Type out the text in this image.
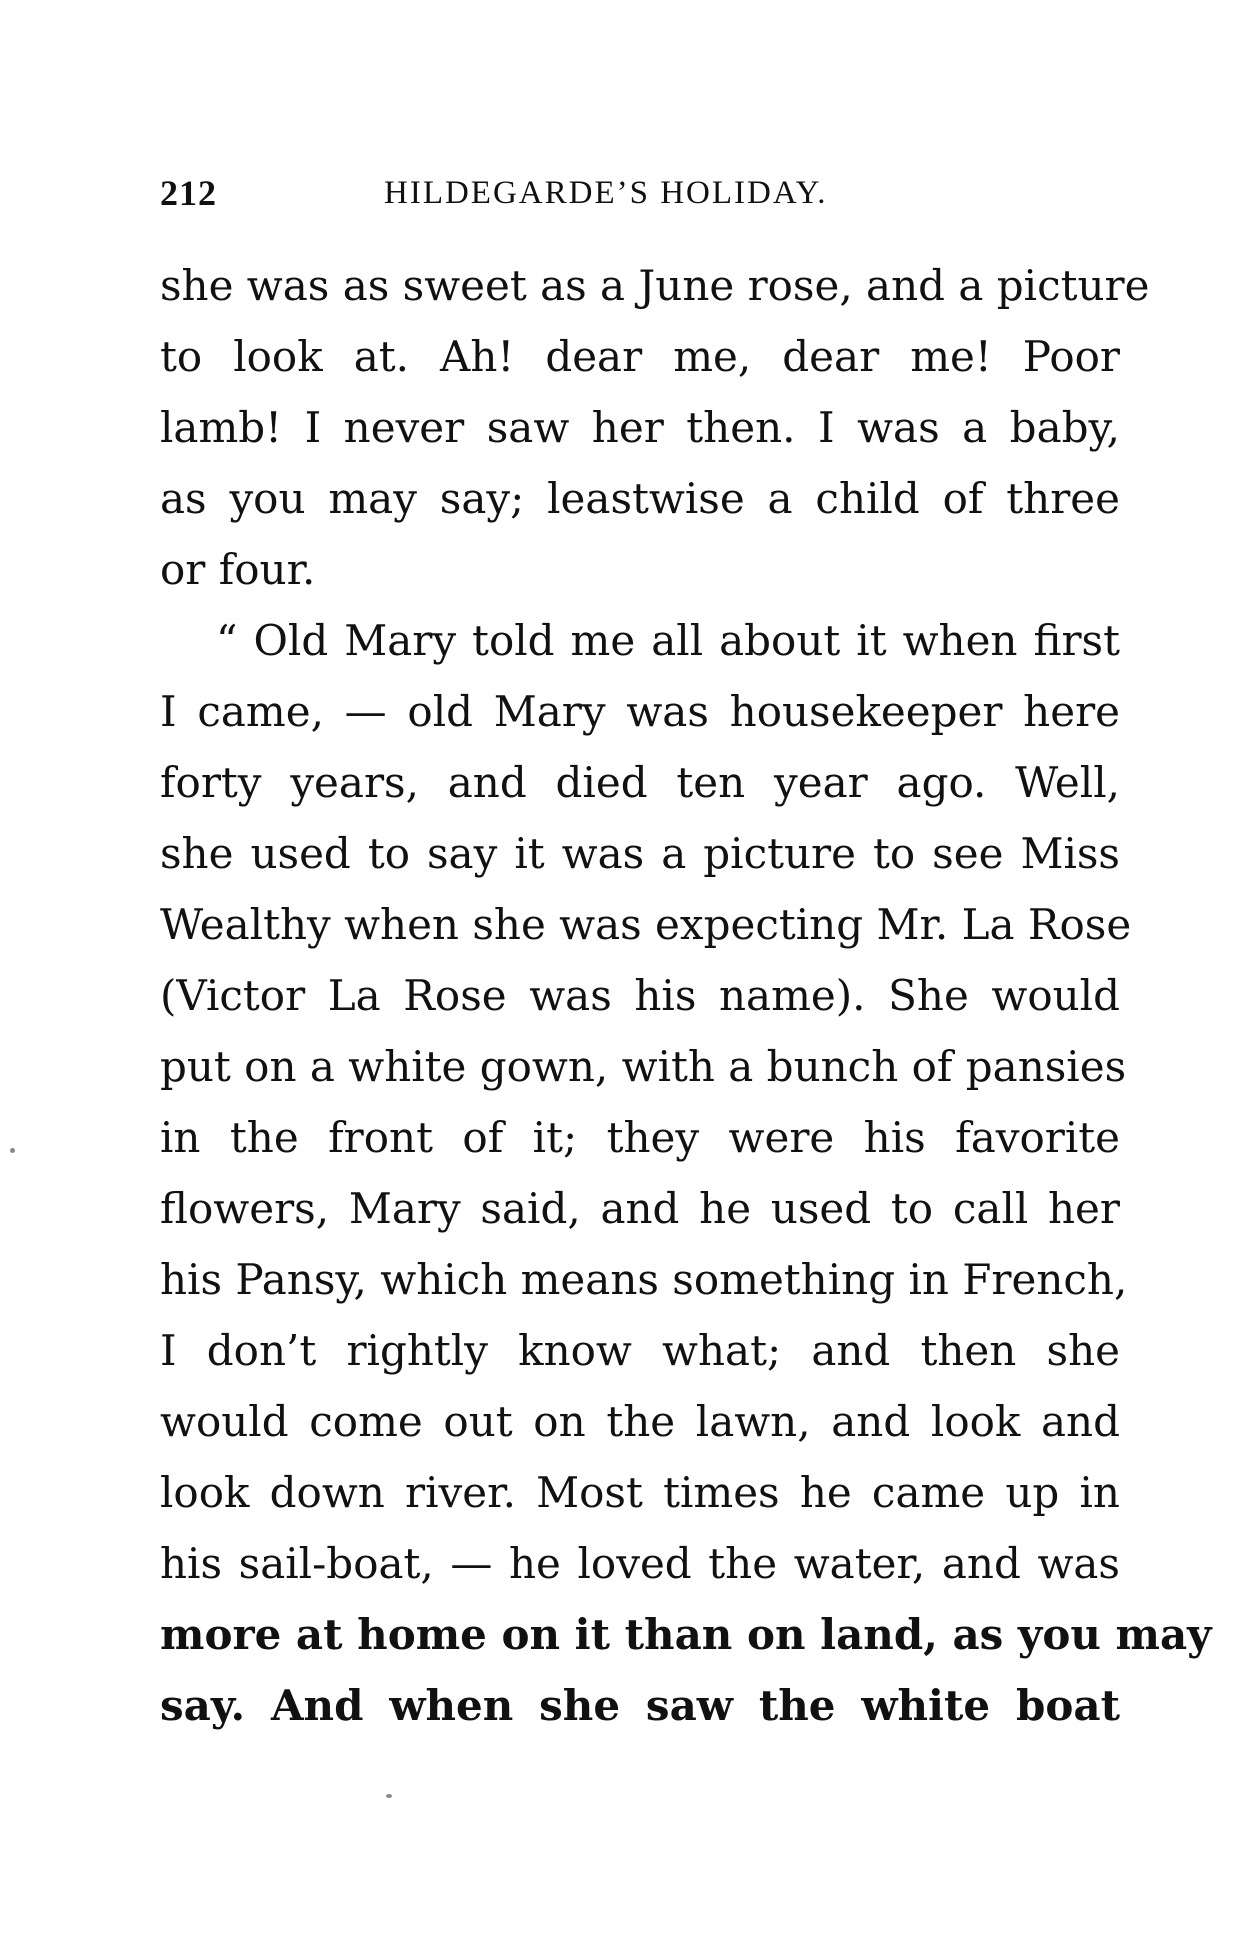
212	HILDEGARDE’S HOLIDAY.
she was as sweet as a June rose, and a picture
to look at. Ah! dear me, dear me! Poor
lamb! I never saw her then. I was a baby,
as you may say; leastwise a child of three
or four.
“ Old Mary told me all about it when first
I came, — old Mary was housekeeper here
forty years, and died ten year ago. Well,
she used to say it was a picture to see Miss
Wealthy when she was expecting Mr. La Rose
(Victor La Rose was his name). She would
put on a white gown, with a bunch of pansies
in the front of it; they were his favorite
flowers, Mary said, and he used to call her
his Pansy, which means something in French,
I don’t rightly know what; and then she
would come out on the lawn, and look and
look down river. Most times he came up in
his sail-boat, — he loved the water, and was
more at home on it than on land, as you may
say. And when she saw the white boat
